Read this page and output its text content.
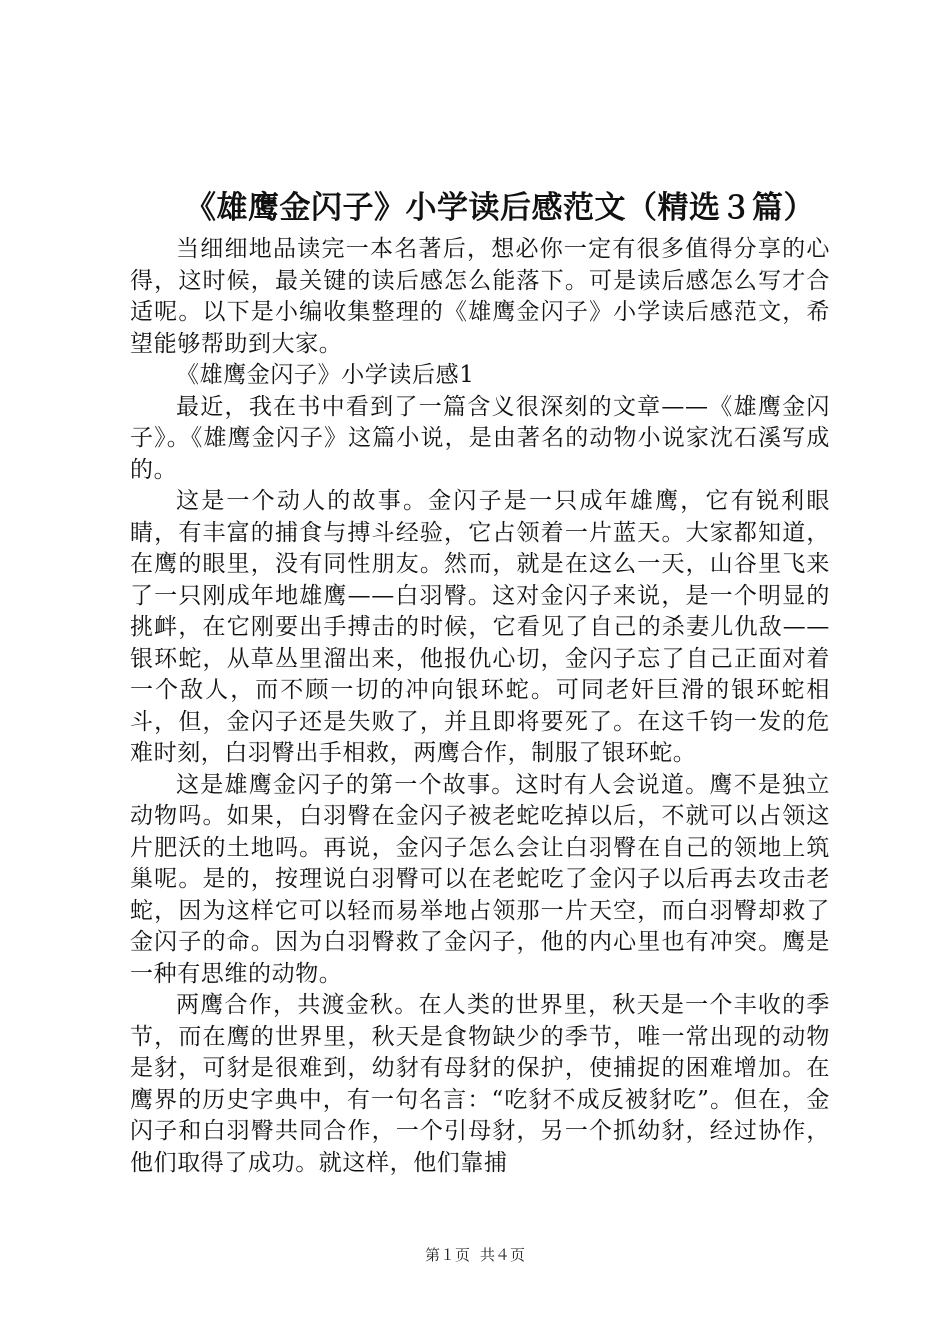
《雄鹰金闪子》小学读后感范文（精选３篇）

当细细地品读完一本名著后，想必你一定有很多值得分享的心得，这时候，最关键的读后感怎么能落下。可是读后感怎么写才合适呢。以下是小编收集整理的《雄鹰金闪子》小学读后感范文，希望能够帮助到大家。

《雄鹰金闪子》小学读后感1

最近，我在书中看到了一篇含义很深刻的文章——《雄鹰金闪子》。《雄鹰金闪子》这篇小说，是由著名的动物小说家沈石溪写成的。

这是一个动人的故事。金闪子是一只成年雄鹰，它有锐利眼睛，有丰富的捕食与搏斗经验，它占领着一片蓝天。大家都知道，在鹰的眼里，没有同性朋友。然而，就是在这么一天，山谷里飞来了一只刚成年地雄鹰——白羽臀。这对金闪子来说，是一个明显的挑衅，在它刚要出手搏击的时候，它看见了自己的杀妻儿仇敌——银环蛇，从草丛里溜出来，他报仇心切，金闪子忘了自己正面对着一个敌人，而不顾一切的冲向银环蛇。可同老奸巨滑的银环蛇相斗，但，金闪子还是失败了，并且即将要死了。在这千钧一发的危难时刻，白羽臀出手相救，两鹰合作，制服了银环蛇。

这是雄鹰金闪子的第一个故事。这时有人会说道。鹰不是独立动物吗。如果，白羽臀在金闪子被老蛇吃掉以后，不就可以占领这片肥沃的土地吗。再说，金闪子怎么会让白羽臀在自己的领地上筑巢呢。是的，按理说白羽臀可以在老蛇吃了金闪子以后再去攻击老蛇，因为这样它可以轻而易举地占领那一片天空，而白羽臀却救了金闪子的命。因为白羽臀救了金闪子，他的内心里也有冲突。鹰是一种有思维的动物。

两鹰合作，共渡金秋。在人类的世界里，秋天是一个丰收的季节，而在鹰的世界里，秋天是食物缺少的季节，唯一常出现的动物是豺，可豺是很难到，幼豺有母豺的保护，使捕捉的困难增加。在鹰界的历史字典中，有一句名言：“吃豺不成反被豺吃”。但在，金闪子和白羽臀共同合作，一个引母豺，另一个抓幼豺，经过协作，他们取得了成功。就这样，他们靠捕

第１页 共４页
